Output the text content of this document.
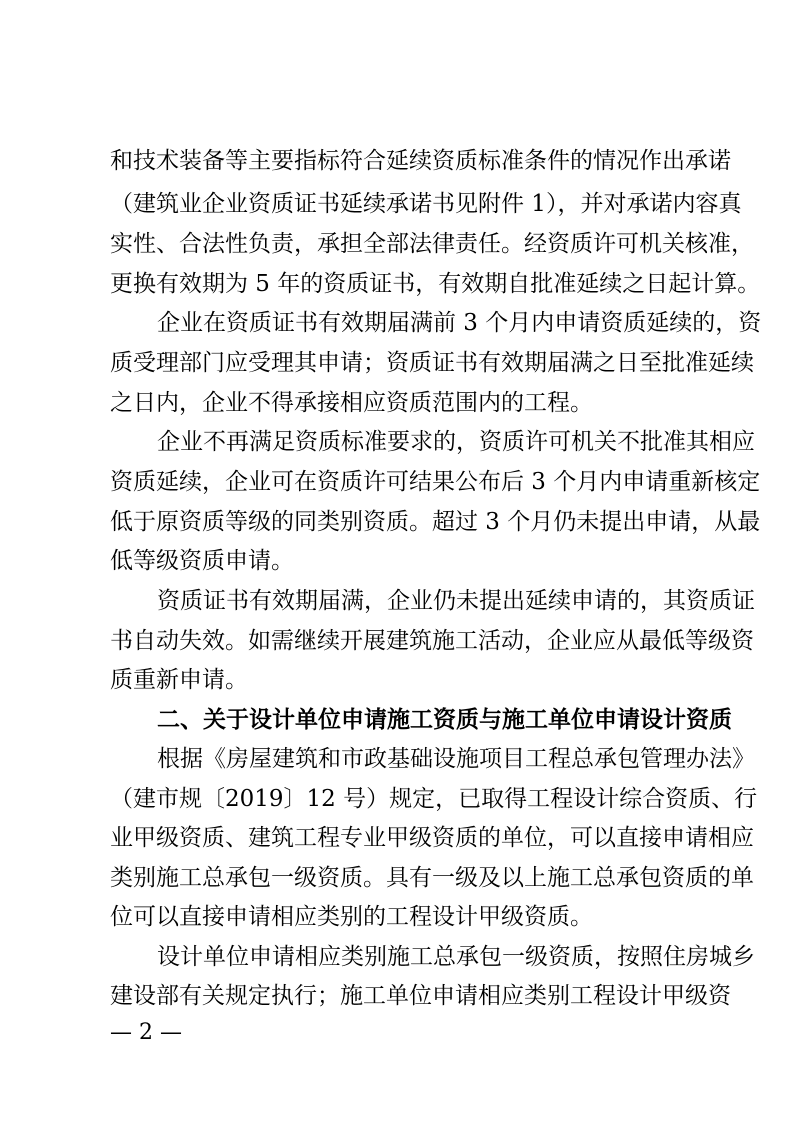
和技术装备等主要指标符合延续资质标准条件的情况作出承诺
（建筑业企业资质证书延续承诺书见附件 1），并对承诺内容真
实性、合法性负责，承担全部法律责任。经资质许可机关核准，
更换有效期为 5 年的资质证书，有效期自批准延续之日起计算。
企业在资质证书有效期届满前 3 个月内申请资质延续的，资
质受理部门应受理其申请；资质证书有效期届满之日至批准延续
之日内，企业不得承接相应资质范围内的工程。
企业不再满足资质标准要求的，资质许可机关不批准其相应
资质延续，企业可在资质许可结果公布后 3 个月内申请重新核定
低于原资质等级的同类别资质。超过 3 个月仍未提出申请，从最
低等级资质申请。
资质证书有效期届满，企业仍未提出延续申请的，其资质证
书自动失效。如需继续开展建筑施工活动，企业应从最低等级资
质重新申请。
二、关于设计单位申请施工资质与施工单位申请设计资质
根据《房屋建筑和市政基础设施项目工程总承包管理办法》
（建市规〔2019〕12 号）规定，已取得工程设计综合资质、行
业甲级资质、建筑工程专业甲级资质的单位，可以直接申请相应
类别施工总承包一级资质。具有一级及以上施工总承包资质的单
位可以直接申请相应类别的工程设计甲级资质。
设计单位申请相应类别施工总承包一级资质，按照住房城乡
建设部有关规定执行；施工单位申请相应类别工程设计甲级资
— 2 —
